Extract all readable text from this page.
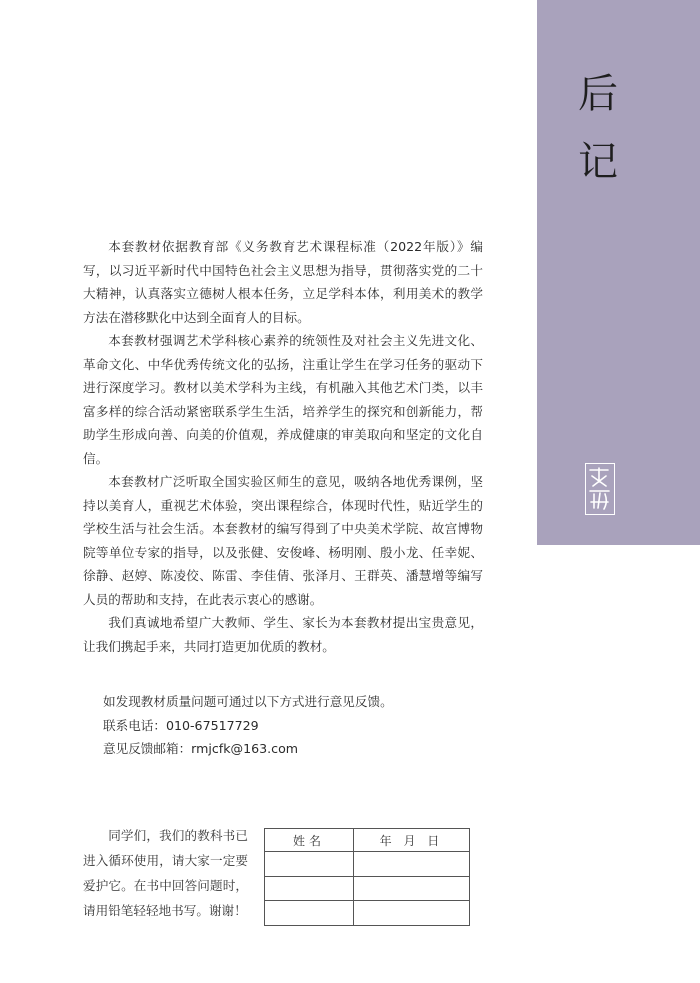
后
记

本套教材依据教育部《义务教育艺术课程标准（2022年版）》编写，以习近平新时代中国特色社会主义思想为指导，贯彻落实党的二十大精神，认真落实立德树人根本任务，立足学科本体，利用美术的教学方法在潜移默化中达到全面育人的目标。

本套教材强调艺术学科核心素养的统领性及对社会主义先进文化、革命文化、中华优秀传统文化的弘扬，注重让学生在学习任务的驱动下进行深度学习。教材以美术学科为主线，有机融入其他艺术门类，以丰富多样的综合活动紧密联系学生生活，培养学生的探究和创新能力，帮助学生形成向善、向美的价值观，养成健康的审美取向和坚定的文化自信。

本套教材广泛听取全国实验区师生的意见，吸纳各地优秀课例，坚持以美育人，重视艺术体验，突出课程综合，体现时代性，贴近学生的学校生活与社会生活。本套教材的编写得到了中央美术学院、故宫博物院等单位专家的指导，以及张健、安俊峰、杨明刚、殷小龙、任幸妮、徐静、赵婷、陈凌佼、陈雷、李佳倩、张泽月、王群英、潘慧增等编写人员的帮助和支持，在此表示衷心的感谢。

我们真诚地希望广大教师、学生、家长为本套教材提出宝贵意见，让我们携起手来，共同打造更加优质的教材。

如发现教材质量问题可通过以下方式进行意见反馈。
联系电话：010-67517729
意见反馈邮箱：rmjcfk@163.com
同学们，我们的教科书已进入循环使用，请大家一定要爱护它。在书中回答问题时，请用铅笔轻轻地书写。谢谢！
姓名	年 月 日
